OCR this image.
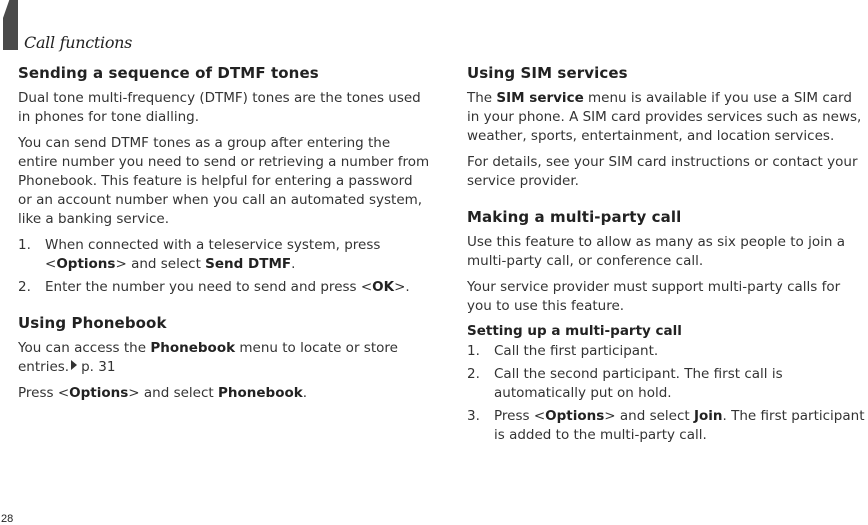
Call functions
Sending a sequence of DTMF tones

Dual tone multi-frequency (DTMF) tones are the tones used in phones for tone dialling.

You can send DTMF tones as a group after entering the entire number you need to send or retrieving a number from Phonebook. This feature is helpful for entering a password or an account number when you call an automated system, like a banking service.

1. When connected with a teleservice system, press <Options> and select Send DTMF.
2. Enter the number you need to send and press <OK>.
Using Phonebook

You can access the Phonebook menu to locate or store entries. p. 31

Press <Options> and select Phonebook.

Using SIM services

The SIM service menu is available if you use a SIM card in your phone. A SIM card provides services such as news, weather, sports, entertainment, and location services.

For details, see your SIM card instructions or contact your service provider.

Making a multi-party call

Use this feature to allow as many as six people to join a multi-party call, or conference call.

Your service provider must support multi-party calls for you to use this feature.

Setting up a multi-party call
1. Call the first participant.
2. Call the second participant. The first call is automatically put on hold.
3. Press <Options> and select Join. The first participant is added to the multi-party call.
28
